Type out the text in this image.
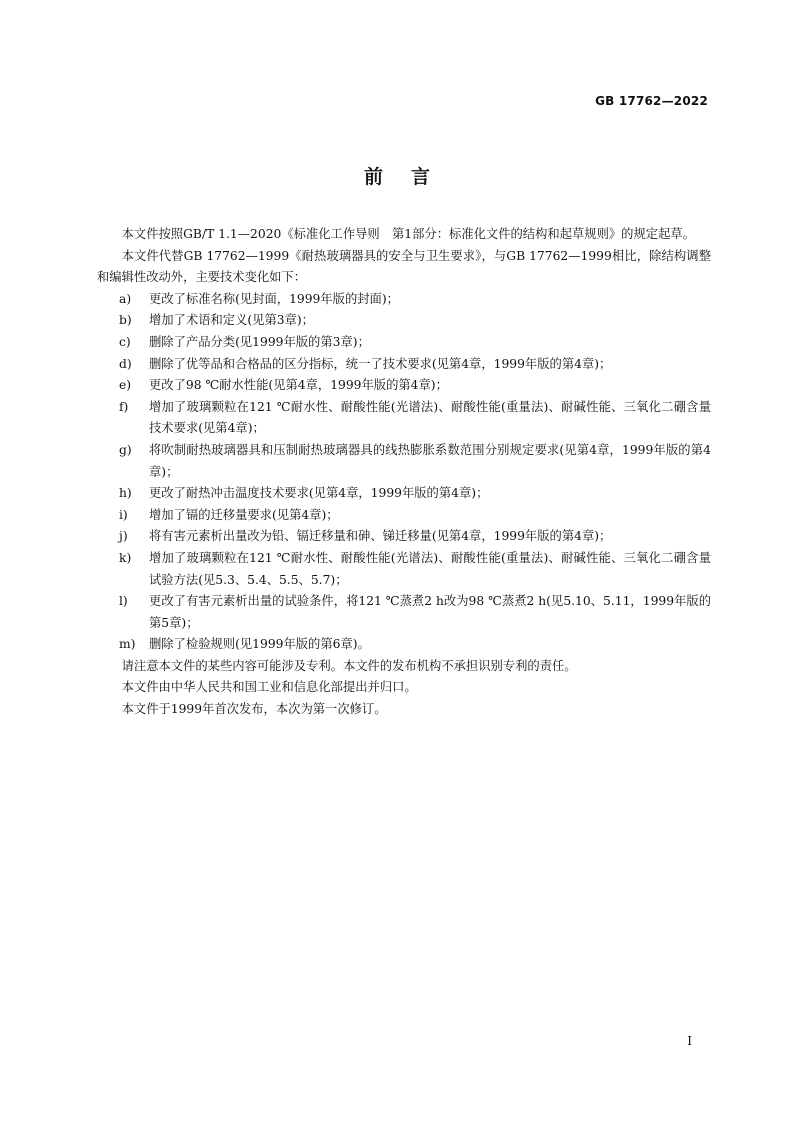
GB 17762—2022
前言

本文件按照GB/T 1.1—2020《标准化工作导则　第1部分：标准化文件的结构和起草规则》的规定起草。

本文件代替GB 17762—1999《耐热玻璃器具的安全与卫生要求》，与GB 17762—1999相比，除结构调整和编辑性改动外，主要技术变化如下：

a)	更改了标准名称(见封面，1999年版的封面)；
b)	增加了术语和定义(见第3章)；
c)	删除了产品分类(见1999年版的第3章)；
d)	删除了优等品和合格品的区分指标，统一了技术要求(见第4章，1999年版的第4章)；
e)	更改了98 ℃耐水性能(见第4章，1999年版的第4章)；
f)	增加了玻璃颗粒在121 ℃耐水性、耐酸性能(光谱法)、耐酸性能(重量法)、耐碱性能、三氧化二硼含量技术要求(见第4章)；
g)	将吹制耐热玻璃器具和压制耐热玻璃器具的线热膨胀系数范围分别规定要求(见第4章，1999年版的第4章)；
h)	更改了耐热冲击温度技术要求(见第4章，1999年版的第4章)；
i)	增加了镉的迁移量要求(见第4章)；
j)	将有害元素析出量改为铅、镉迁移量和砷、锑迁移量(见第4章，1999年版的第4章)；
k)	增加了玻璃颗粒在121 ℃耐水性、耐酸性能(光谱法)、耐酸性能(重量法)、耐碱性能、三氧化二硼含量试验方法(见5.3、5.4、5.5、5.7)；
l)	更改了有害元素析出量的试验条件，将121 ℃蒸煮2 h改为98 ℃蒸煮2 h(见5.10、5.11，1999年版的第5章)；
m)	删除了检验规则(见1999年版的第6章)。

请注意本文件的某些内容可能涉及专利。本文件的发布机构不承担识别专利的责任。

本文件由中华人民共和国工业和信息化部提出并归口。

本文件于1999年首次发布，本次为第一次修订。

I
